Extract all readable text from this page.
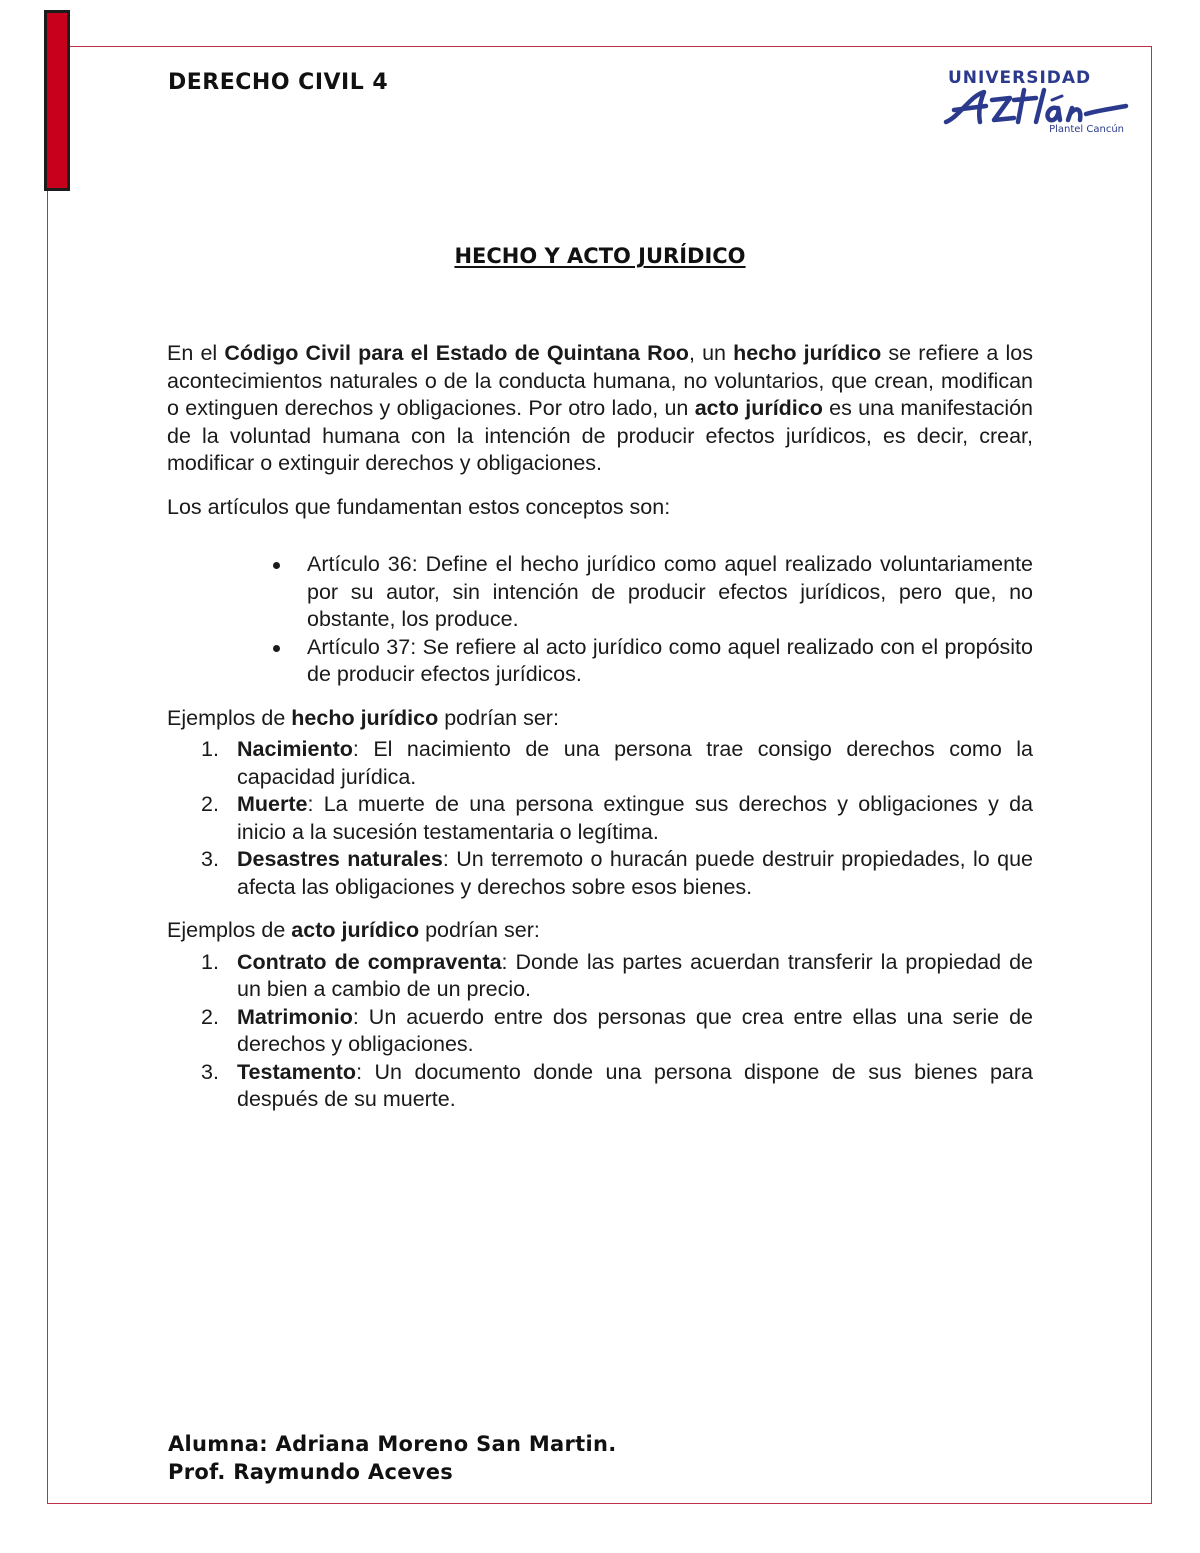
DERECHO CIVIL 4	UNIVERSIDAD
Plantel Cancún
HECHO Y ACTO JURÍDICO

En el Código Civil para el Estado de Quintana Roo, un hecho jurídico se refiere a los acontecimientos naturales o de la conducta humana, no voluntarios, que crean, modifican o extinguen derechos y obligaciones. Por otro lado, un acto jurídico es una manifestación de la voluntad humana con la intención de producir efectos jurídicos, es decir, crear, modificar o extinguir derechos y obligaciones.

Los artículos que fundamentan estos conceptos son:

Artículo 36: Define el hecho jurídico como aquel realizado voluntariamente por su autor, sin intención de producir efectos jurídicos, pero que, no obstante, los produce.
Artículo 37: Se refiere al acto jurídico como aquel realizado con el propósito de producir efectos jurídicos.

Ejemplos de hecho jurídico podrían ser:

1. Nacimiento: El nacimiento de una persona trae consigo derechos como la capacidad jurídica.
2. Muerte: La muerte de una persona extingue sus derechos y obligaciones y da inicio a la sucesión testamentaria o legítima.
3. Desastres naturales: Un terremoto o huracán puede destruir propiedades, lo que afecta las obligaciones y derechos sobre esos bienes.

Ejemplos de acto jurídico podrían ser:

1. Contrato de compraventa: Donde las partes acuerdan transferir la propiedad de un bien a cambio de un precio.
2. Matrimonio: Un acuerdo entre dos personas que crea entre ellas una serie de derechos y obligaciones.
3. Testamento: Un documento donde una persona dispone de sus bienes para después de su muerte.
Alumna: Adriana Moreno San Martin.
Prof. Raymundo Aceves
